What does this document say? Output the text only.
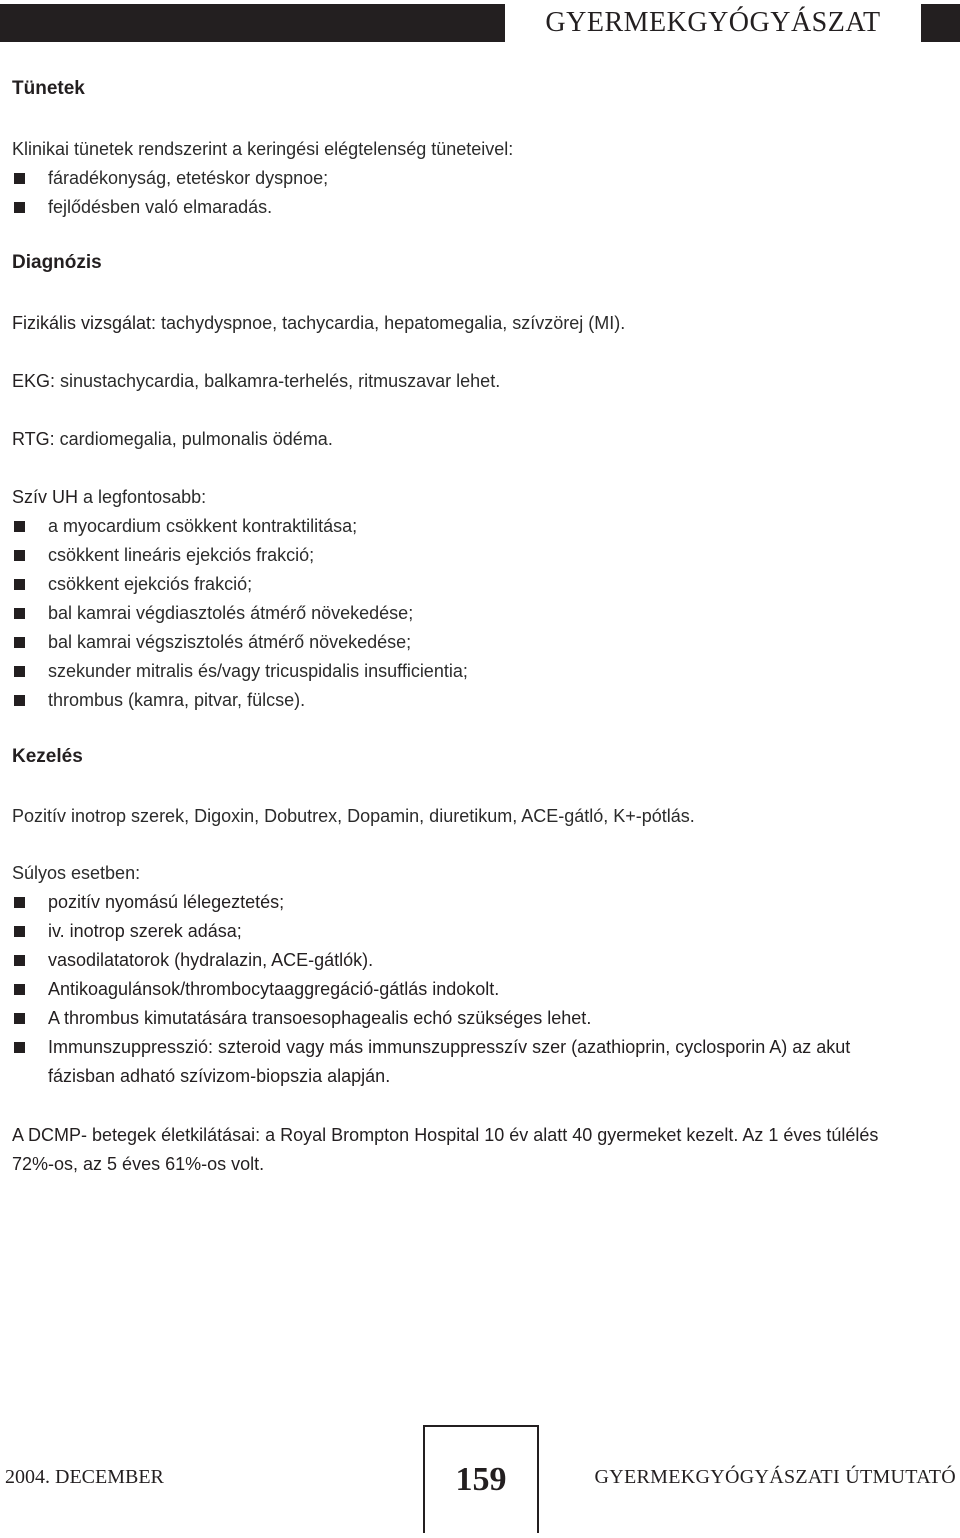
GYERMEKGYÓGYÁSZAT
Tünetek
Klinikai tünetek rendszerint a keringési elégtelenség tüneteivel:
fáradékonyság, etetéskor dyspnoe;
fejlődésben való elmaradás.
Diagnózis
Fizikális vizsgálat: tachydyspnoe, tachycardia, hepatomegalia, szívzörej (MI).
EKG: sinustachycardia, balkamra-terhelés, ritmuszavar lehet.
RTG: cardiomegalia, pulmonalis ödéma.
Szív UH a legfontosabb:
a myocardium csökkent kontraktilitása;
csökkent lineáris ejekciós frakció;
csökkent ejekciós frakció;
bal kamrai végdiasztolés átmérő növekedése;
bal kamrai végszisztolés átmérő növekedése;
szekunder mitralis és/vagy tricuspidalis insufficientia;
thrombus (kamra, pitvar, fülcse).
Kezelés
Pozitív inotrop szerek, Digoxin, Dobutrex, Dopamin, diuretikum, ACE-gátló, K+-pótlás.
Súlyos esetben:
pozitív nyomású lélegeztetés;
iv. inotrop szerek adása;
vasodilatatorok (hydralazin, ACE-gátlók).
Antikoagulánsok/thrombocytaaggregáció-gátlás indokolt.
A thrombus kimutatására transoesophagealis echó szükséges lehet.
Immunszuppresszió: szteroid vagy más immunszuppresszív szer (azathioprin, cyclosporin A) az akut fázisban adható szívizom-biopszia alapján.
A DCMP- betegek életkilátásai: a Royal Brompton Hospital 10 év alatt 40 gyermeket kezelt. Az 1 éves túlélés 72%-os, az 5 éves 61%-os volt.
2004. DECEMBER	159	GYERMEKGYÓGYÁSZATI ÚTMUTATÓ
